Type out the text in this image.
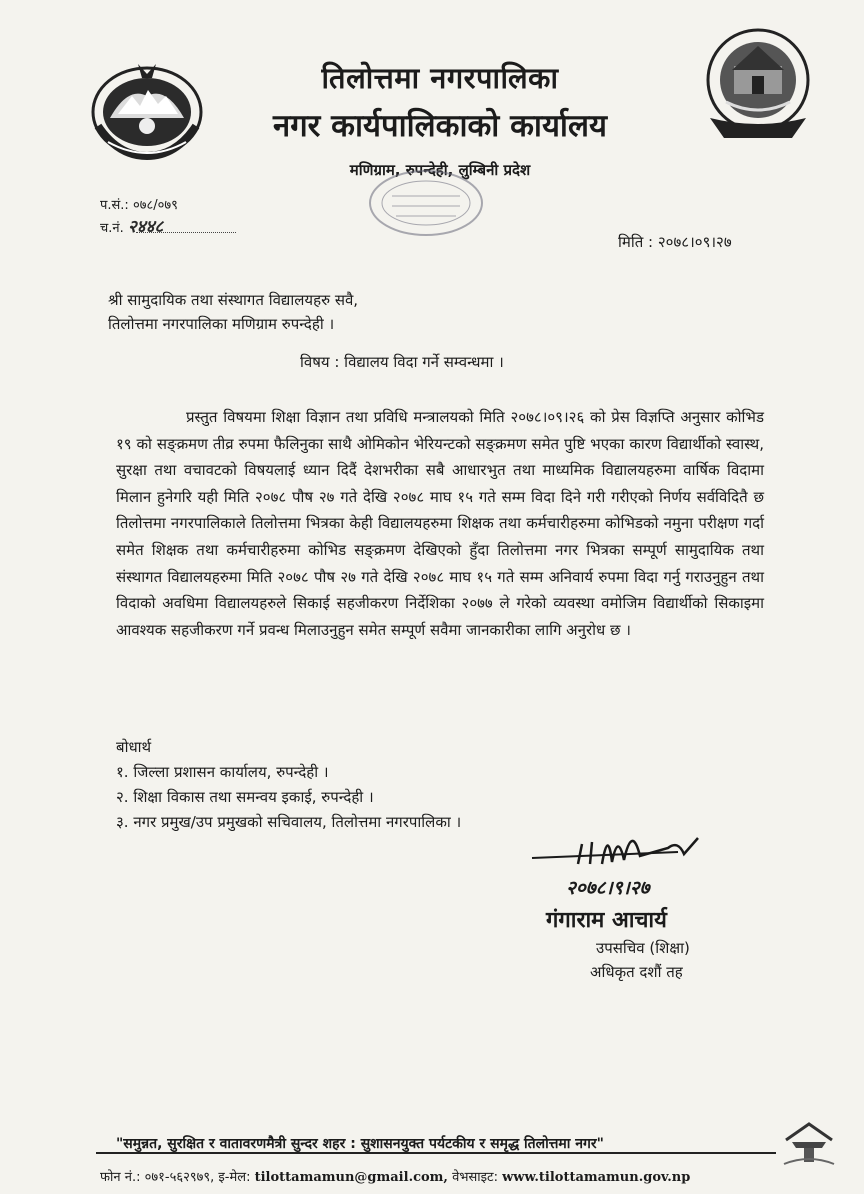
तिलोत्तमा नगरपालिका
नगर कार्यपालिकाको कार्यालय
मणिग्राम, रुपन्देही, लुम्बिनी प्रदेश
प.सं.: ०७८/०७९
च.नं. २४४८
मिति : २०७८।०९।२७
श्री सामुदायिक तथा संस्थागत विद्यालयहरु सवै,
तिलोत्तमा नगरपालिका मणिग्राम रुपन्देही ।
विषय : विद्यालय विदा गर्ने सम्वन्धमा ।
प्रस्तुत विषयमा शिक्षा विज्ञान तथा प्रविधि मन्त्रालयको मिति २०७८।०९।२६ को प्रेस विज्ञप्ति अनुसार कोभिड १९ को सङ्क्रमण तीव्र रुपमा फैलिनुका साथै ओमिकोन भेरियन्टको सङ्क्रमण समेत पुष्टि भएका कारण विद्यार्थीको स्वास्थ, सुरक्षा तथा वचावटको विषयलाई ध्यान दिदैं देशभरीका सबै आधारभुत तथा माध्यमिक विद्यालयहरुमा वार्षिक विदामा मिलान हुनेगरि यही मिति २०७८ पौष २७ गते देखि २०७८ माघ १५ गते सम्म विदा दिने गरी गरीएको निर्णय सर्वविदितै छ तिलोत्तमा नगरपालिकाले तिलोत्तमा भित्रका केही विद्यालयहरुमा शिक्षक तथा कर्मचारीहरुमा कोभिडको नमुना परीक्षण गर्दा समेत शिक्षक तथा कर्मचारीहरुमा कोभिड सङ्क्रमण देखिएको हुँदा तिलोत्तमा नगर भित्रका सम्पूर्ण सामुदायिक तथा संस्थागत विद्यालयहरुमा मिति २०७८ पौष २७ गते देखि २०७८ माघ १५ गते सम्म अनिवार्य रुपमा विदा गर्नु गराउनुहुन तथा विदाको अवधिमा विद्यालयहरुले सिकाई सहजीकरण निर्देशिका २०७७ ले गरेको व्यवस्था वमोजिम विद्यार्थीको सिकाइमा आवश्यक सहजीकरण गर्ने प्रवन्ध मिलाउनुहुन समेत सम्पूर्ण सवैमा जानकारीका लागि अनुरोध छ ।
बोधार्थ
१. जिल्ला प्रशासन कार्यालय, रुपन्देही ।
२. शिक्षा विकास तथा समन्वय इकाई, रुपन्देही ।
३. नगर प्रमुख/उप प्रमुखको सचिवालय, तिलोत्तमा नगरपालिका ।
२०७८।९।२७
गंगाराम आचार्य
उपसचिव (शिक्षा)
अधिकृत दशौं तह
"समुन्नत, सुरक्षित र वातावरणमैत्री सुन्दर शहर : सुशासनयुक्त पर्यटकीय र समृद्ध तिलोत्तमा नगर"
फोन नं.: ०७१-५६२९७९, इ-मेल: tilottamamun@gmail.com, वेभसाइट: www.tilottamamun.gov.np
